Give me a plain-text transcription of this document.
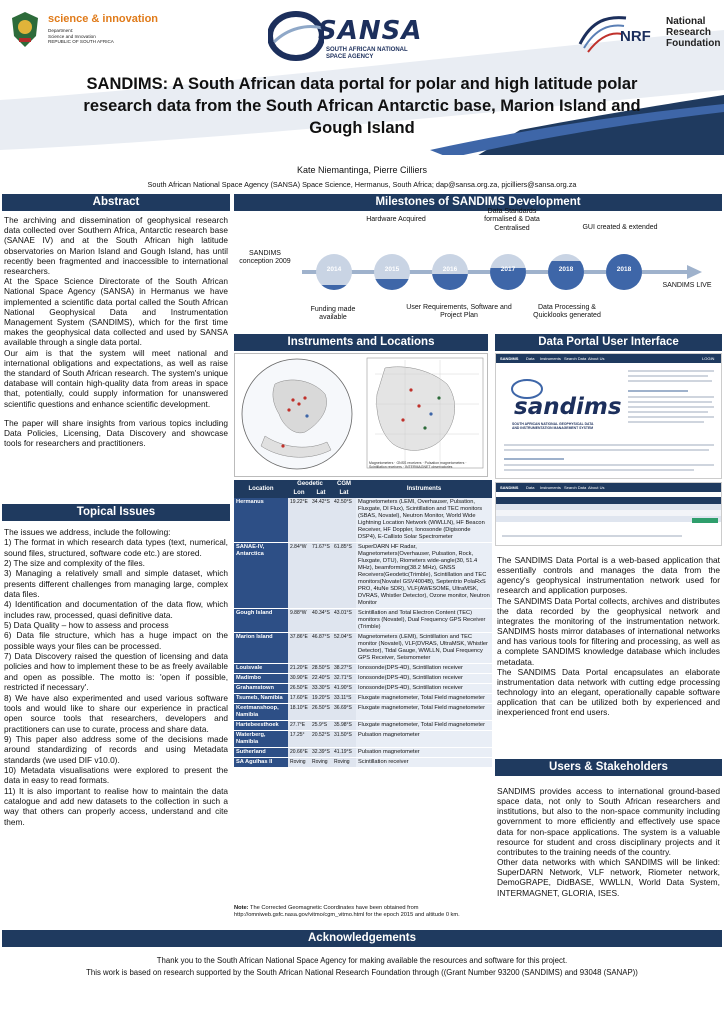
science & innovation
Department:
Science and Innovation
REPUBLIC OF SOUTH AFRICA	SANSA
SOUTH AFRICAN NATIONAL
SPACE AGENCY
NRF
National
Research
Foundation
SANDIMS: A South African data portal for polar and high latitude polar research data from the South African Antarctic base, Marion Island and Gough Island
Kate Niemantinga, Pierre Cilliers
South African National Space Agency (SANSA) Space Science, Hermanus, South Africa; dap@sansa.org.za, pjcilliers@sansa.org.za
Abstract

The archiving and dissemination of geophysical research data collected over Southern Africa, Antarctic research base (SANAE IV) and at the South African high latitude observatories on Marion Island and Gough Island, has until recently been fragmented and inaccessible to international researchers.

At the Space Science Directorate of the South African National Space Agency (SANSA) in Hermanus we have implemented a scientific data portal called the South African National Geophysical Data and Instrumentation Management System (SANDIMS), which for the first time makes the geophysical data collected and used by SANSA available through a single data portal.

Our aim is that the system will meet national and international obligations and expectations, as well as raise the standard of South African research. The system's unique database will contain high-quality data from areas in space that, potentially, could supply information for unanswered scientific questions and enhance scientific development.

The paper will share insights from various topics including Data Policies, Licensing, Data Discovery and showcase tools for researchers and practitioners.

Topical Issues

The issues we address, include the following:

1) The format in which research data types (text, numerical, sound files, structured, software code etc.) are stored.

2) The size and complexity of the files.

3) Managing a relatively small and simple dataset, which presents different challenges from managing large, complex data files.

4) Identification and documentation of the data flow, which includes raw, processed, quasi definitive data.

5) Data Quality – how to assess and process

6) Data file structure, which has a huge impact on the possible ways your files can be processed.

7) Data Discovery raised the question of licensing and data policies and how to implement these to be as freely available and open as possible. The motto is: 'open if possible, restricted if necessary'.

8) We have also experimented and used various software tools and would like to share our experience in practical open source tools that researchers, developers and practitioners can use to curate, process and share data.

9) This paper also address some of the decisions made around standardizing of records and using Metadata standards (we used DIF v10.0).

10) Metadata visualisations were explored to present the data in easy to read formats.

11) It is also important to realise how to maintain the data catalogue and add new datasets to the collection in such a way that others can properly access, understand and cite them.

Milestones of SANDIMS Development
SANDIMS conception 2009
SANDIMS LIVE
2014	2015	2016	2017	2018	2018
Hardware Acquired
Data Standards formalised & Data Centralised	GUI created & extended
Funding made available
User Requirements, Software and Project Plan
Data Processing & Quicklooks generated
Instruments and Locations
Magnetometers · GNSS receivers · Pulsation magnetometers · Scintillation receivers · INTERMAGNET observatories
Location	Geodetic		CGM	Instruments
	Lon	Lat	Lat	
Hermanus	19.22°E	34.42°S	42.50°S	Magnetometers (LEMI, Overhauser, Pulsation, Fluxgate, DI Flux), Scintillation and TEC monitors (SBAS, Novatel), Neutron Monitor, World Wide Lightning Location Network (WWLLN), HF Beacon Receiver, HF Doppler, Ionosonde (Digisonde DSP4), E-Callisto Solar Spectrometer
SANAE-IV, Antarctica	2.84°W	71.67°S	61.85°S	SuperDARN HF Radar, Magnetometers(Overhauser, Pulsation, Rock, Fluxgate, DTU), Riometers wide-angle(30, 51.4 MHz), beamforming(38.2 MHz), GNSS Receivers(Geodetic(Trimble), Scintillation and TEC monitors(Novatel GSV4004B), Septentrio PolaRxS PRO, 4tuNe SDR), VLF(AWESOME, UltraMSK, DVRAS, Whistler Detector), Ozone monitor, Neutron Monitor
Gough Island	9.88°W	40.34°S	43.01°S	Scintillation and Total Electron Content (TEC) monitors (Novatel), Dual Frequency GPS Receiver (Trimble)
Marion Island	37.86°E	46.87°S	52.04°S	Magnetometers (LEMI), Scintillation and TEC monitor (Novatel), VLF(DVRAS, UltraMSK, Whistler Detector), Tidal Gauge, WWLLN, Dual Frequency GPS Receiver, Seismometer
Louisvale	21.20°E	28.50°S	38.27°S	Ionosonde(DPS-4D), Scintillation receiver
Madimbo	30.90°E	22.40°S	32.71°S	Ionosonde(DPS-4D), Scintillation receiver
Grahamstown	26.50°E	33.30°S	41.90°S	Ionosonde(DPS-4D), Scintillation receiver
Tsumeb, Namibia	17.60°E	19.20°S	33.11°S	Fluxgate magnetometer, Total Field magnetometer
Keetmanshoop, Namibia	18.10°E	26.50°S	36.69°S	Fluxgate magnetometer, Total Field magnetometer
Hartebeesthoek	27.7°E	25.9°S	35.98°S	Fluxgate magnetometer, Total Field magnetometer
Waterberg, Namibia	17.25°	20.52°S	31.50°S	Pulsation magnetometer
Sutherland	20.66°E	32.39°S	41.19°S	Pulsation magnetometer
SA Agulhas II	Roving	Roving	Roving	Scintillation receiver
Note: The Corrected Geomagnetic Coordinates have been obtained from http://omniweb.gsfc.nasa.gov/vitmo/cgm_vitmo.html for the epoch 2015 and altitude 0 km.
Data Portal User Interface
SANDIMS Data Instruments Search Data About Us	LOGIN
sandims
SOUTH AFRICAN NATIONAL GEOPHYSICAL DATA
AND INSTRUMENTATION MANAGEMENT SYSTEM
SANDIMS Data Instruments Search Data About Us

The SANDIMS Data Portal is a web-based application that essentially controls and manages the data from the agency's geophysical instrumentation network used for research and application purposes.

The SANDIMS Data Portal collects, archives and distributes the data recorded by the geophysical network and integrates the monitoring of the instrumentation network. SANDIMS hosts mirror databases of international networks and has various tools for filtering and processing, as well as a complete SANDIMS knowledge database which includes metadata.

The SANDIMS Data Portal encapsulates an elaborate instrumentation data network with cutting edge processing technology into an elegant, operationally capable software application that can be utilized both by experienced and inexperienced front end users.

Users & Stakeholders

SANDIMS provides access to international ground-based space data, not only to South African researchers and institutions, but also to the non-space community including government to more efficiently and effectively use space data for non-space applications. The system is a valuable resource for student and cross disciplinary projects and it contributes to the training needs of the country.

Other data networks with which SANDIMS will be linked: SuperDARN Network, VLF network, Riometer network, DemoGRAPE, DidBASE, WWLLN, World Data System, INTERMAGNET, GLORIA, ISES.

Acknowledgements
Thank you to the South African National Space Agency for making available the resources and software for this project.
This work is based on research supported by the South African National Research Foundation through ((Grant Number 93200 (SANDIMS) and 93048 (SANAP))
